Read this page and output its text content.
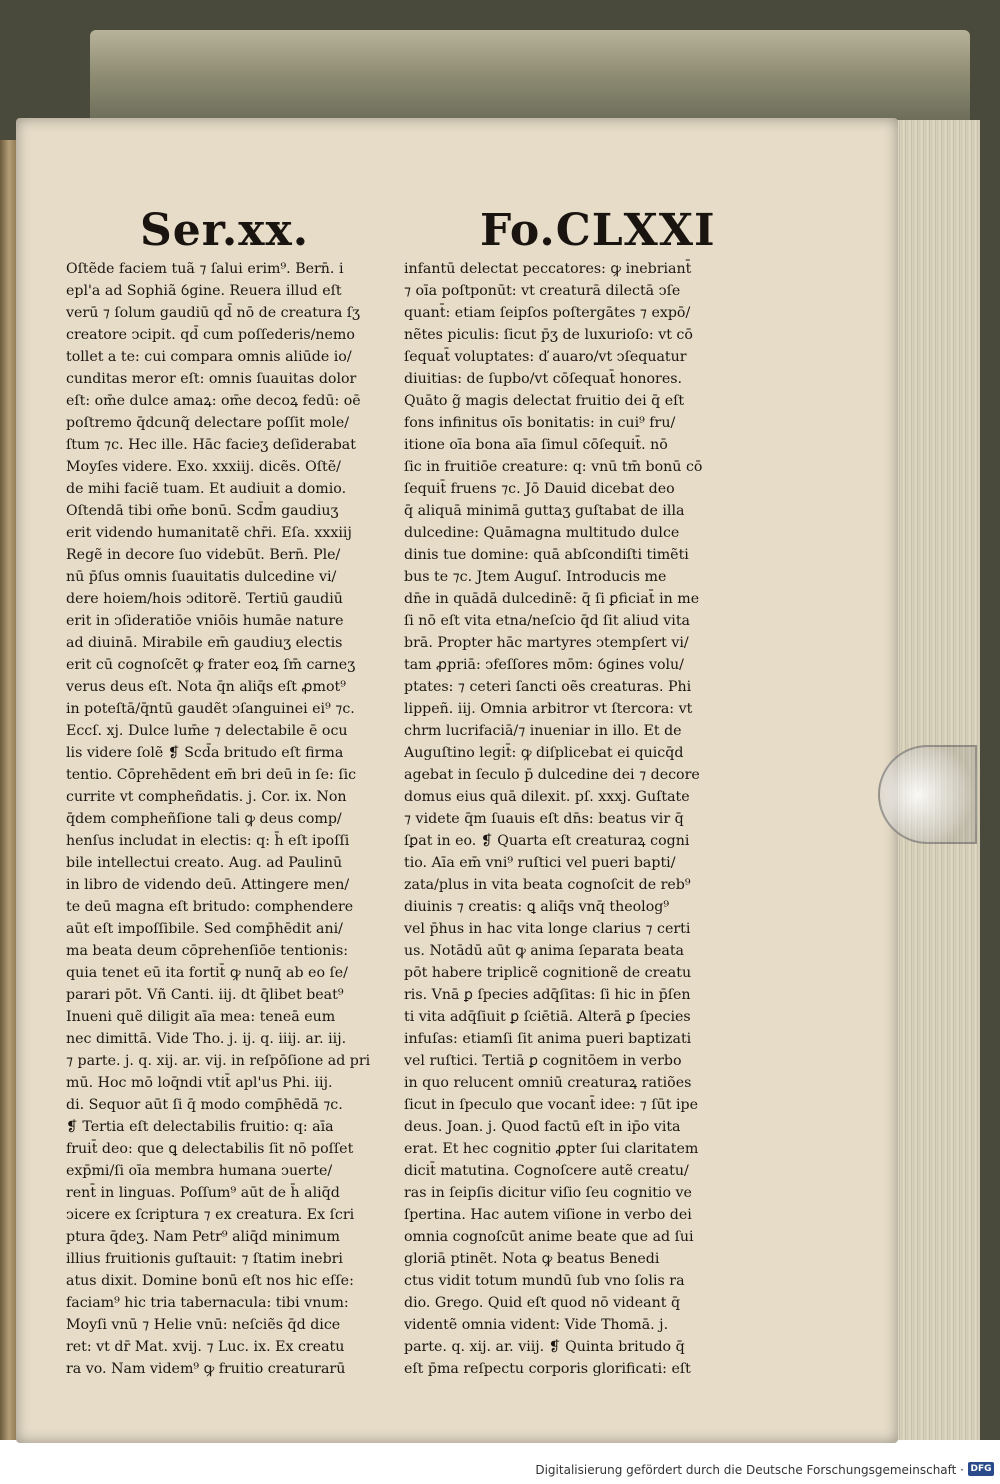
Ser.xx.	Fo.CLXXI
Oſtẽde faciem tuã ⁊ ſalui erim⁹. Bern̄. i
epl'a ad Sophiã ỽgine. Reuera illud eſt
verū ⁊ ſolum gaudiū qd̄ nō de creatura ſʒ
creatore ↄcipit. qd̄ cum poſſederis/nemo
tollet a te: cui compara omnis aliūde io/
cunditas meror eſt: omnis ſuauitas dolor
eſt: om̄e dulce amaꝝ: om̄e decoꝝ fedū: oē
poſtremo q̄dcunq̃ delectare poſſit mole/
ſtum ⁊c. Hec ille. Hāc facieʒ deſiderabat
Moyſes videre. Exo. xxxiij. dicẽs. Oſtẽ/
de mihi faciẽ tuam. Et audiuit a domio.
Oſtendā tibi om̄e bonū. Scd̄m gaudiuʒ
erit videndo humanitatẽ chr̄i. Eſa. xxxiij
Regẽ in decore ſuo videbūt. Bern̄. Ple/
nū p̄ſus omnis ſuauitatis dulcedine vi/
dere hoiem/hois ↄditorẽ. Tertiū gaudiū
erit in ↄſideratiōe vniōis humāe nature
ad diuinā. Mirabile em̄ gaudiuʒ electis
erit cū cognoſcẽt ꝙ frater eoꝝ ſm̄ carneʒ
verus deus eſt. Nota q̄n aliq̄s eſt ꝓmot⁹
in poteſtā/q̄ntū gaudẽt ↄſanguinei ei⁹ ⁊c.
Eccſ. xj. Dulce lum̄e ⁊ delectabile ē ocu
lis videre ſolẽ ❡ Scd̄a britudo eſt firma
tentio. Cōprehēdent em̄ bri deū in ſe: ſic
currite vt compheñdatis. j. Cor. ix. Non
q̄dem compheñſione tali ꝙ deus comp/
henſus includat in electis: q: h̄ eſt ipoſſi
bile intellectui creato. Aug. ad Paulinū
in libro de videndo deū. Attingere men/
te deū magna eſt britudo: comphendere
aūt eſt impoſſibile. Sed comp̄hēdit ani/
ma beata deum cōprehenſiōe tentionis:
quia tenet eū ita fortit̄ ꝙ nunq̄ ab eo ſe/
parari pōt. Vñ Canti. iij. dt q̄libet beat⁹
Inueni quẽ diligit aīa mea: teneā eum
nec dimittā. Vide Tho. j. ij. q. iiij. ar. iij.
⁊ parte. j. q. xij. ar. vij. in reſpōſione ad pri
mū. Hoc mō loq̄ndi vtit̄ apl'us Phi. iij.
di. Sequor aūt ſi q̄ modo comp̄hēdā ⁊c.
❡ Tertia eſt delectabilis fruitio: q: aīa
fruit̄ deo: que ꝗ delectabilis ſit nō poſſet
exp̄mi/ſi oīa membra humana ↄuerte/
rent̄ in linguas. Poſſum⁹ aūt de h̄ aliq̄d
ↄicere ex ſcriptura ⁊ ex creatura. Ex ſcri
ptura q̄deʒ. Nam Petr⁹ aliq̄d minimum
illius fruitionis guſtauit: ⁊ ſtatim inebri
atus dixit. Domine bonū eſt nos hic eſſe:
faciam⁹ hic tria tabernacula: tibi vnum:
Moyſi vnū ⁊ Helie vnū: neſciẽs q̄d dice
ret: vt dr̄ Mat. xvij. ⁊ Luc. ix. Ex creatu
ra vo. Nam videm⁹ ꝙ fruitio creaturarū
infantū delectat peccatores: ꝙ inebriant̄
⁊ oīa poſtponūt: vt creaturā dilectā ↄſe
quant̄: etiam ſeipſos poſtergātes ⁊ expō/
nẽtes piculis: ſicut p̄ʒ de luxurioſo: vt cō
ſequat̄ voluptates: ď auaro/vt ↄſequatur
diuitias: de ſupbo/vt cōſequat̄ honores.
Quāto g̃ magis delectat fruitio dei q̄ eſt
fons infinitus oīs bonitatis: in cui⁹ fru/
itione oīa bona aīa ſimul cōſequit̄. nō
ſic in fruitiōe creature: q: vnū tm̄ bonū cō
ſequit̄ fruens ⁊c. Jō Dauid dicebat deo
q̄ aliquā minimā guttaʒ guſtabat de illa
dulcedine: Quāmagna multitudo dulce
dinis tue domine: quā abſcondiſti timẽti
bus te ⁊c. Jtem Auguſ. Introducis me
dn̄e in quādā dulcedinẽ: q̄ ſi ꝑficiat̄ in me
ſi nō eſt vita etna/neſcio q̄d ſit aliud vita
brā. Propter hāc martyres ↄtempſert vi/
tam ꝓpriā: ↄfeſſores mōm: ỽgines volu/
ptates: ⁊ ceteri ſancti oẽs creaturas. Phi
lippeñ. iij. Omnia arbitror vt ſtercora: vt
chrm lucrifaciā/⁊ inueniar in illo. Et de
Auguſtino legit̄: ꝙ diſplicebat ei quicq̄d
agebat in ſeculo p̄ dulcedine dei ⁊ decore
domus eius quā dilexit. pſ. xxxj. Guſtate
⁊ videte q̄m ſuauis eſt dn̄s: beatus vir q̄
ſꝑat in eo. ❡ Quarta eſt creaturaꝝ cogni
tio. Aīa em̄ vni⁹ ruſtici vel pueri bapti/
zata/plus in vita beata cognoſcit de reb⁹
diuinis ⁊ creatis: ꝗ aliq̄s vnq̄ theolog⁹
vel p̄hus in hac vita longe clarius ⁊ certi
us. Notādū aūt ꝙ anima ſeparata beata
pōt habere triplicẽ cognitionẽ de creatu
ris. Vnā ꝑ ſpecies adq̄ſitas: ſi hic in p̄ſen
ti vita adq̄ſiuit ꝑ ſciētiā. Alterā ꝑ ſpecies
infuſas: etiamſi ſit anima pueri baptizati
vel ruſtici. Tertiā ꝑ cognitōem in verbo
in quo relucent omniū creaturaꝝ ratiões
ſicut in ſpeculo que vocant̄ idee: ⁊ ſūt ipe
deus. Joan. j. Quod factū eſt in ip̄o vita
erat. Et hec cognitio ꝓpter ſui claritatem
dicit̄ matutina. Cognoſcere autẽ creatu/
ras in ſeipſis dicitur viſio ſeu cognitio ve
ſpertina. Hac autem viſione in verbo dei
omnia cognoſcūt anime beate que ad ſui
gloriā ptinẽt. Nota ꝙ beatus Benedi
ctus vidit totum mundū ſub vno ſolis ra
dio. Grego. Quid eſt quod nō videant q̄
videntẽ omnia vident: Vide Thomā. j.
parte. q. xij. ar. viij. ❡ Quinta britudo q̄
eſt p̄ma reſpectu corporis glorificati: eſt
Digitalisierung gefördert durch die Deutsche Forschungsgemeinschaft · DFG
